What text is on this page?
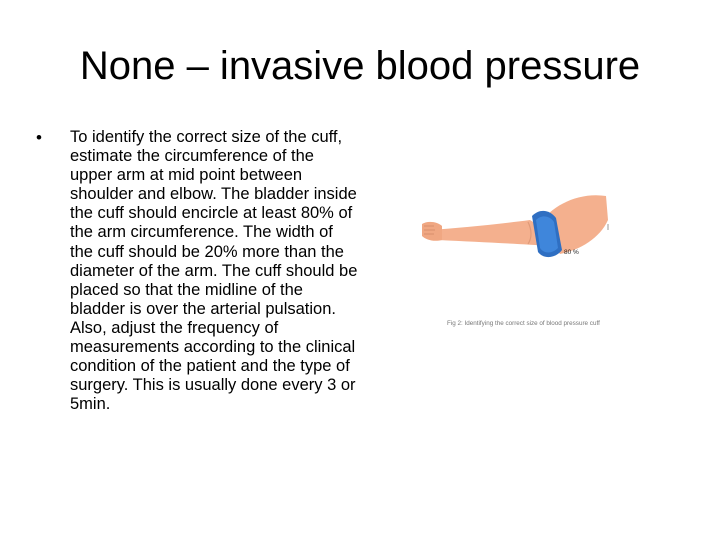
None – invasive blood pressure
• To identify the correct size of the cuff, estimate the circumference of the upper arm at mid point between shoulder and elbow. The bladder inside the cuff should encircle at least 80% of the arm circumference. The width of the cuff should be 20% more than the diameter of the arm. The cuff should be placed so that the midline of the bladder is over the arterial pulsation. Also, adjust the frequency of measurements according to the clinical condition of the patient and the type of surgery. This is usually done every 3 or 5min.
80 %
Fig 2: Identifying the correct size of blood pressure cuff
